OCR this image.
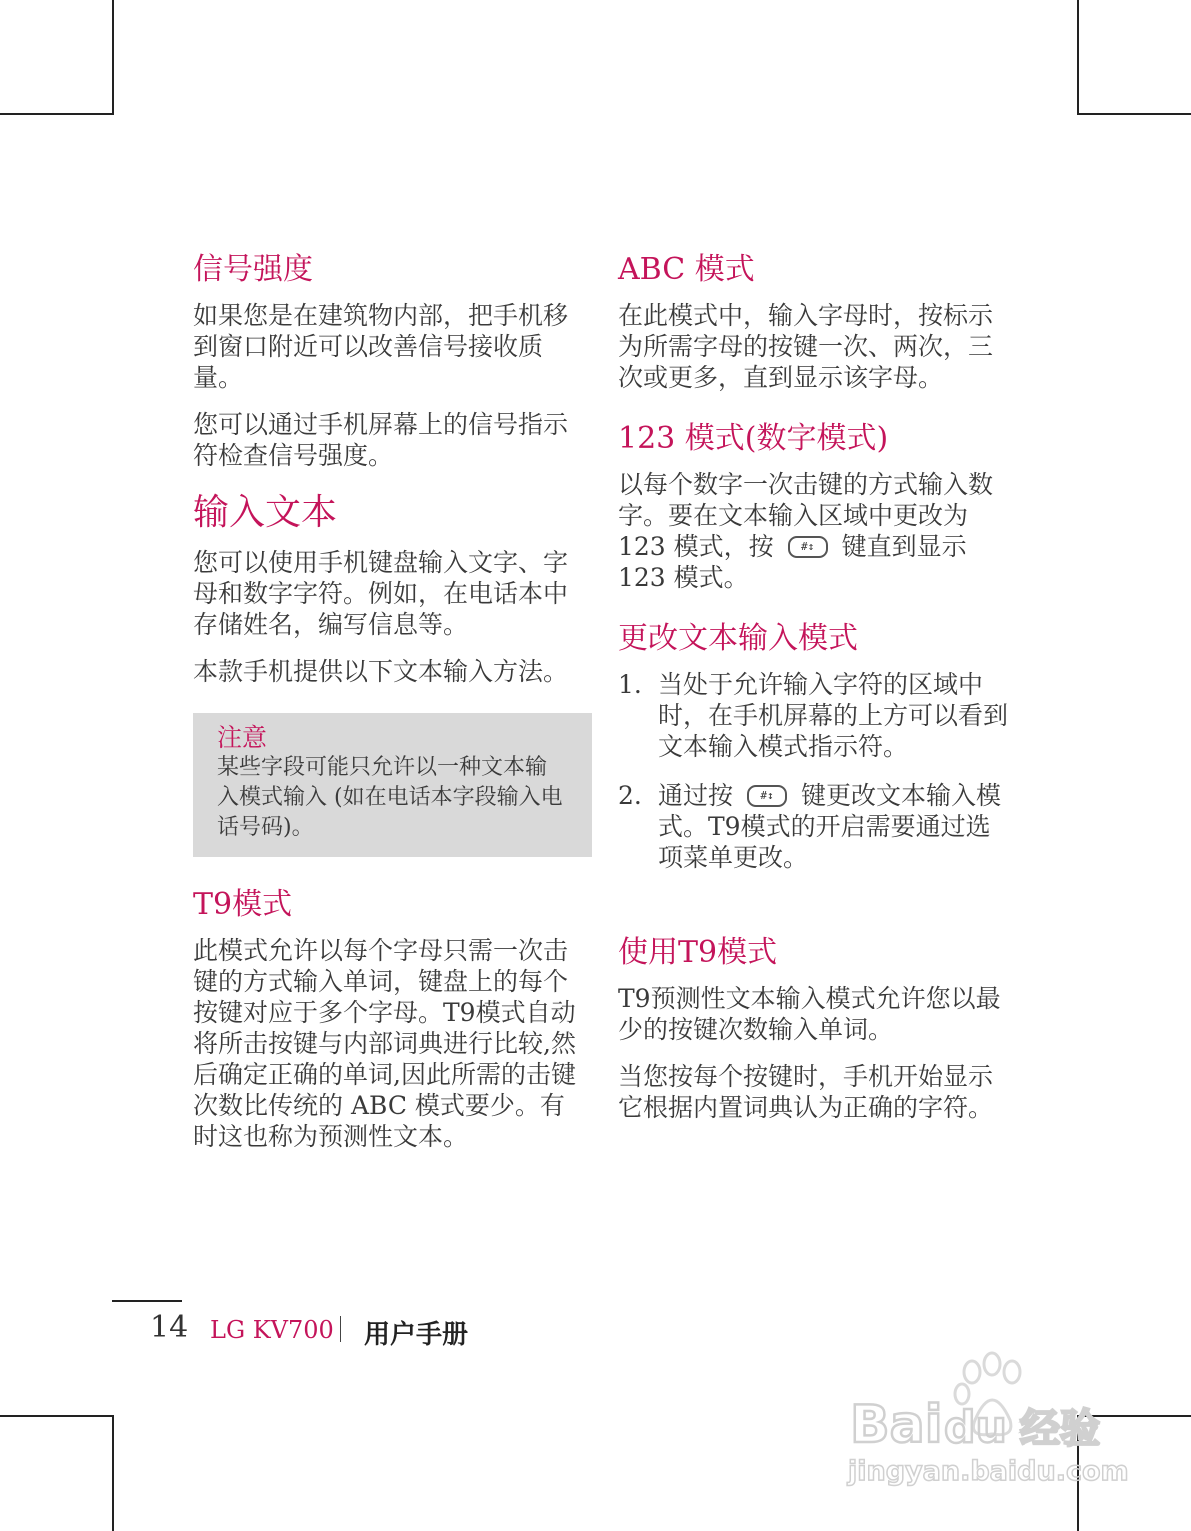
信号强度

如果您是在建筑物内部，把手机移到窗口附近可以改善信号接收质量。

您可以通过手机屏幕上的信号指示符检查信号强度。

输入文本

您可以使用手机键盘输入文字、字母和数字字符。例如，在电话本中存储姓名，编写信息等。

本款手机提供以下文本输入方法。

注意

某些字段可能只允许以一种文本输入模式输入 (如在电话本字段输入电话号码)。

T9模式

此模式允许以每个字母只需一次击键的方式输入单词，键盘上的每个按键对应于多个字母。T9模式自动将所击按键与内部词典进行比较,然后确定正确的单词,因此所需的击键次数比传统的 ABC 模式要少。有时这也称为预测性文本。

ABC 模式

在此模式中，输入字母时，按标示为所需字母的按键一次、两次，三次或更多，直到显示该字母。

123 模式(数字模式)

以每个数字一次击键的方式输入数字。要在文本输入区域中更改为 123 模式，按 #↕ 键直到显示123 模式。

更改文本输入模式
1. 当处于允许输入字符的区域中时，在手机屏幕的上方可以看到文本输入模式指示符。
2. 通过按 #↕ 键更改文本输入模式。T9模式的开启需要通过选项菜单更改。
使用T9模式

T9预测性文本输入模式允许您以最少的按键次数输入单词。

当您按每个按键时，手机开始显示它根据内置词典认为正确的字符。

14 LG KV700 用户手册
Bai du 经验
jingyan.baidu.com
